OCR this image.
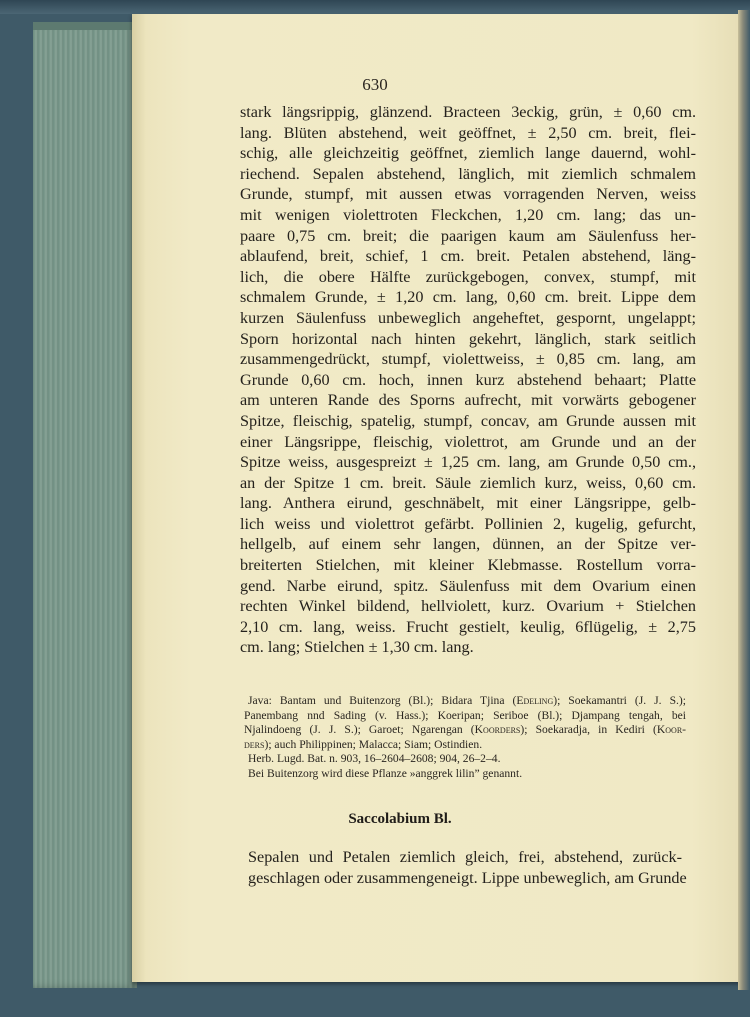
630
stark längsrippig, glänzend. Bracteen 3eckig, grün, ± 0,60 cm.
lang. Blüten abstehend, weit geöffnet, ± 2,50 cm. breit, flei-
schig, alle gleichzeitig geöffnet, ziemlich lange dauernd, wohl-
riechend. Sepalen abstehend, länglich, mit ziemlich schmalem
Grunde, stumpf, mit aussen etwas vorragenden Nerven, weiss
mit wenigen violettroten Fleckchen, 1,20 cm. lang; das un-
paare 0,75 cm. breit; die paarigen kaum am Säulenfuss her-
ablaufend, breit, schief, 1 cm. breit. Petalen abstehend, läng-
lich, die obere Hälfte zurückgebogen, convex, stumpf, mit
schmalem Grunde, ± 1,20 cm. lang, 0,60 cm. breit. Lippe dem
kurzen Säulenfuss unbeweglich angeheftet, gespornt, ungelappt;
Sporn horizontal nach hinten gekehrt, länglich, stark seitlich
zusammengedrückt, stumpf, violettweiss, ± 0,85 cm. lang, am
Grunde 0,60 cm. hoch, innen kurz abstehend behaart; Platte
am unteren Rande des Sporns aufrecht, mit vorwärts gebogener
Spitze, fleischig, spatelig, stumpf, concav, am Grunde aussen mit
einer Längsrippe, fleischig, violettrot, am Grunde und an der
Spitze weiss, ausgespreizt ± 1,25 cm. lang, am Grunde 0,50 cm.,
an der Spitze 1 cm. breit. Säule ziemlich kurz, weiss, 0,60 cm.
lang. Anthera eirund, geschnäbelt, mit einer Längsrippe, gelb-
lich weiss und violettrot gefärbt. Pollinien 2, kugelig, gefurcht,
hellgelb, auf einem sehr langen, dünnen, an der Spitze ver-
breiterten Stielchen, mit kleiner Klebmasse. Rostellum vorra-
gend. Narbe eirund, spitz. Säulenfuss mit dem Ovarium einen
rechten Winkel bildend, hellviolett, kurz. Ovarium + Stielchen
2,10 cm. lang, weiss. Frucht gestielt, keulig, 6flügelig, ± 2,75
cm. lang; Stielchen ± 1,30 cm. lang.
Java: Bantam und Buitenzorg (Bl.); Bidara Tjina (Edeling); Soekamantri (J. J. S.);
Panembang nnd Sading (v. Hass.); Koeripan; Seriboe (Bl.); Djampang tengah, bei
Njalindoeng (J. J. S.); Garoet; Ngarengan (Koorders); Soekaradja, in Kediri (Koor-
ders); auch Philippinen; Malacca; Siam; Ostindien.
Herb. Lugd. Bat. n. 903, 16–2604–2608; 904, 26–2–4.
Bei Buitenzorg wird diese Pflanze »anggrek lilin” genannt.
Saccolabium Bl.
Sepalen und Petalen ziemlich gleich, frei, abstehend, zurück-
geschlagen oder zusammengeneigt. Lippe unbeweglich, am Grunde
